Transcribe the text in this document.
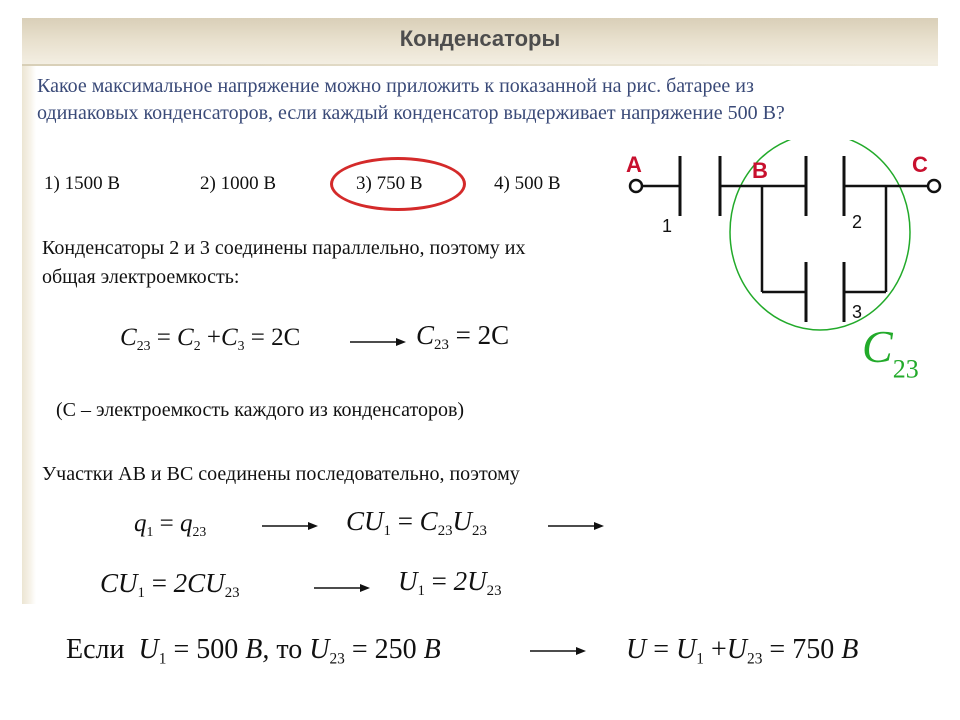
Конденсаторы
Какое максимальное напряжение можно приложить к показанной на рис. батарее из
одинаковых конденсаторов, если каждый конденсатор выдерживает напряжение 500 В?
1) 1500 В	2) 1000 В	3) 750 В	4) 500 В
Конденсаторы 2 и 3 соединены параллельно, поэтому их
общая электроемкость:
$C_{23} = C_2 +C_3 = 2C$	$C_{23} = 2C$
(С – электроемкость каждого из конденсаторов)
Участки АВ и ВС соединены последовательно, поэтому
$q_1 = q_{23}$	$CU_1 = C_{23}U_{23}$
$CU_1 = 2CU_{23}$	$U_1 = 2U_{23}$
Если $U_1 = 500$ В, то $U_{23} = 250$ В	$U = U_1 +U_{23} = 750$ В
A	B	C
1	2
3
$C_{23}$
